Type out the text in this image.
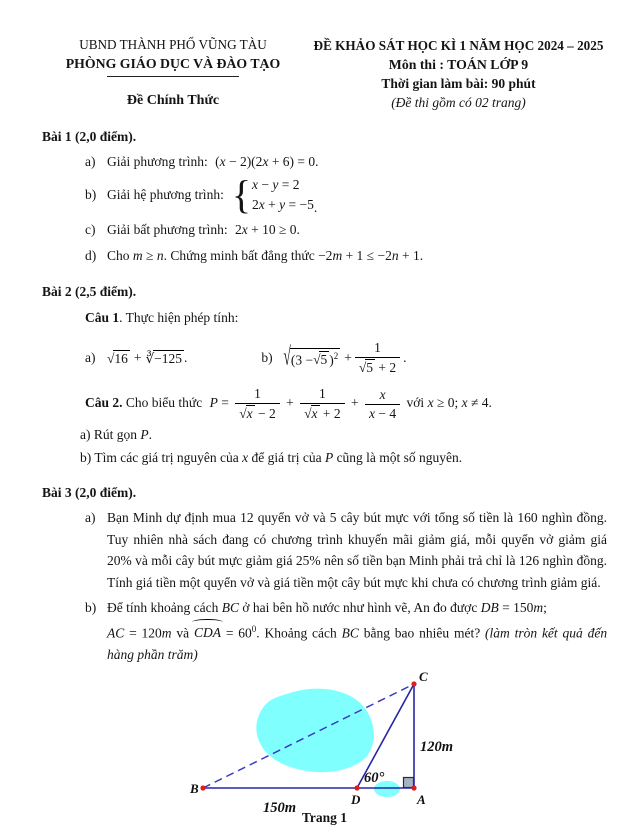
UBND THÀNH PHỐ VŨNG TÀU
PHÒNG GIÁO DỤC VÀ ĐÀO TẠO
Đề Chính Thức
ĐỀ KHẢO SÁT HỌC KÌ 1 NĂM HỌC 2024 – 2025
Môn thi : TOÁN LỚP 9
Thời gian làm bài: 90 phút
(Đề thi gồm có 02 trang)
Bài 1 (2,0 điểm).
a) Giải phương trình: (x − 2)(2x + 6) = 0.
b) Giải hệ phương trình: { x − y = 2
2x + y = −5 .
c) Giải bất phương trình: 2x + 10 ≥ 0.
d) Cho m ≥ n. Chứng minh bất đẳng thức −2m + 1 ≤ −2n + 1.
Bài 2 (2,5 điểm).
Câu 1. Thực hiện phép tính:
a) √16 + ∛−125 .	b) √(3 −√5 )$^2 + \frac{1}{√5 + 2}$ .
Câu 2. Cho biểu thức $P = \frac{1}{√x - 2} + \frac{1}{√x + 2} + \frac{x}{x - 4}$ với x ≥ 0; x ≠ 4.
a) Rút gọn P.
b) Tìm các giá trị nguyên của x để giá trị của P cũng là một số nguyên.
Bài 3 (2,0 điểm).
a) Bạn Minh dự định mua 12 quyển vở và 5 cây bút mực với tổng số tiền là 160 nghìn đồng. Tuy nhiên nhà sách đang có chương trình khuyến mãi giảm giá, mỗi quyển vở giảm giá 20% và mỗi cây bút mực giảm giá 25% nên số tiền bạn Minh phải trả chỉ là 126 nghìn đồng. Tính giá tiền một quyển vở và giá tiền một cây bút mực khi chưa có chương trình giảm giá.
b) Để tính khoảng cách BC ở hai bên hồ nước như hình vẽ, An đo được DB = 150m;
AC = 120m và CDA = $60^0$. Khoảng cách BC bằng bao nhiêu mét? (làm tròn kết quả đến hàng phần trăm)
B
C
D	A
150m
120m
60°
Trang 1
